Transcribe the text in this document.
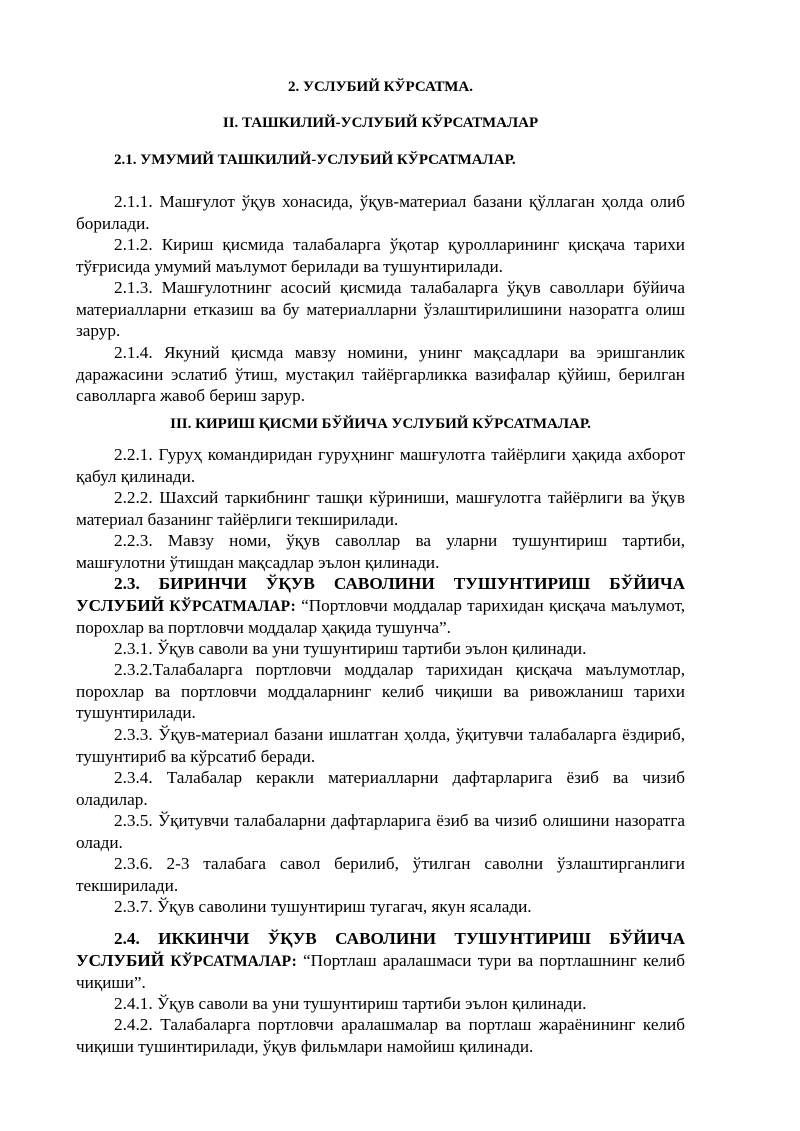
2. УСЛУБИЙ КЎРСАТМА.
II. ТАШКИЛИЙ-УСЛУБИЙ КЎРСАТМАЛАР
2.1. УМУМИЙ ТАШКИЛИЙ-УСЛУБИЙ КЎРСАТМАЛАР.
2.1.1. Машғулот ўқув хонасида, ўқув-материал базани қўллаган ҳолда олиб борилади.
2.1.2. Кириш қисмида талабаларга ўқотар қуролларининг қисқача тарихи тўғрисида умумий маълумот берилади ва тушунтирилади.
2.1.3. Машғулотнинг асосий қисмида талабаларга ўқув саволлари бўйича материалларни етказиш ва бу материалларни ўзлаштирилишини назоратга олиш зарур.
2.1.4. Якуний қисмда мавзу номини, унинг мақсадлари ва эришганлик даражасини эслатиб ўтиш, мустақил тайёргарликка вазифалар қўйиш, берилган саволларга жавоб бериш зарур.
III. КИРИШ ҚИСМИ БЎЙИЧА УСЛУБИЙ КЎРСАТМАЛАР.
2.2.1. Гуруҳ командиридан гуруҳнинг машғулотга тайёрлиги ҳақида ахборот қабул қилинади.
2.2.2. Шахсий таркибнинг ташқи кўриниши, машғулотга тайёрлиги ва ўқув материал базанинг тайёрлиги текширилади.
2.2.3. Мавзу номи, ўқув саволлар ва уларни тушунтириш тартиби, машғулотни ўтишдан мақсадлар эълон қилинади.
2.3. БИРИНЧИ ЎҚУВ САВОЛИНИ ТУШУНТИРИШ БЎЙИЧА УСЛУБИЙ КЎРСАТМАЛАР: “Портловчи моддалар тарихидан қисқача маълумот, порохлар ва портловчи моддалар ҳақида тушунча”.
2.3.1. Ўқув саволи ва уни тушунтириш тартиби эълон қилинади.
2.3.2.Талабаларга портловчи моддалар тарихидан қисқача маълумотлар, порохлар ва портловчи моддаларнинг келиб чиқиши ва ривожланиш тарихи тушунтирилади.
2.3.3. Ўқув-материал базани ишлатган ҳолда, ўқитувчи талабаларга ёздириб, тушунтириб ва кўрсатиб беради.
2.3.4. Талабалар керакли материалларни дафтарларига ёзиб ва чизиб оладилар.
2.3.5. Ўқитувчи талабаларни дафтарларига ёзиб ва чизиб олишини назоратга олади.
2.3.6. 2-3 талабага савол берилиб, ўтилган саволни ўзлаштирганлиги текширилади.
2.3.7. Ўқув саволини тушунтириш тугагач, якун ясалади.
2.4. ИККИНЧИ ЎҚУВ САВОЛИНИ ТУШУНТИРИШ БЎЙИЧА УСЛУБИЙ КЎРСАТМАЛАР: “Портлаш аралашмаси тури ва портлашнинг келиб чиқиши”.
2.4.1. Ўқув саволи ва уни тушунтириш тартиби эълон қилинади.
2.4.2. Талабаларга портловчи аралашмалар ва портлаш жараёнининг келиб чиқиши тушинтирилади, ўқув фильмлари намойиш қилинади.
